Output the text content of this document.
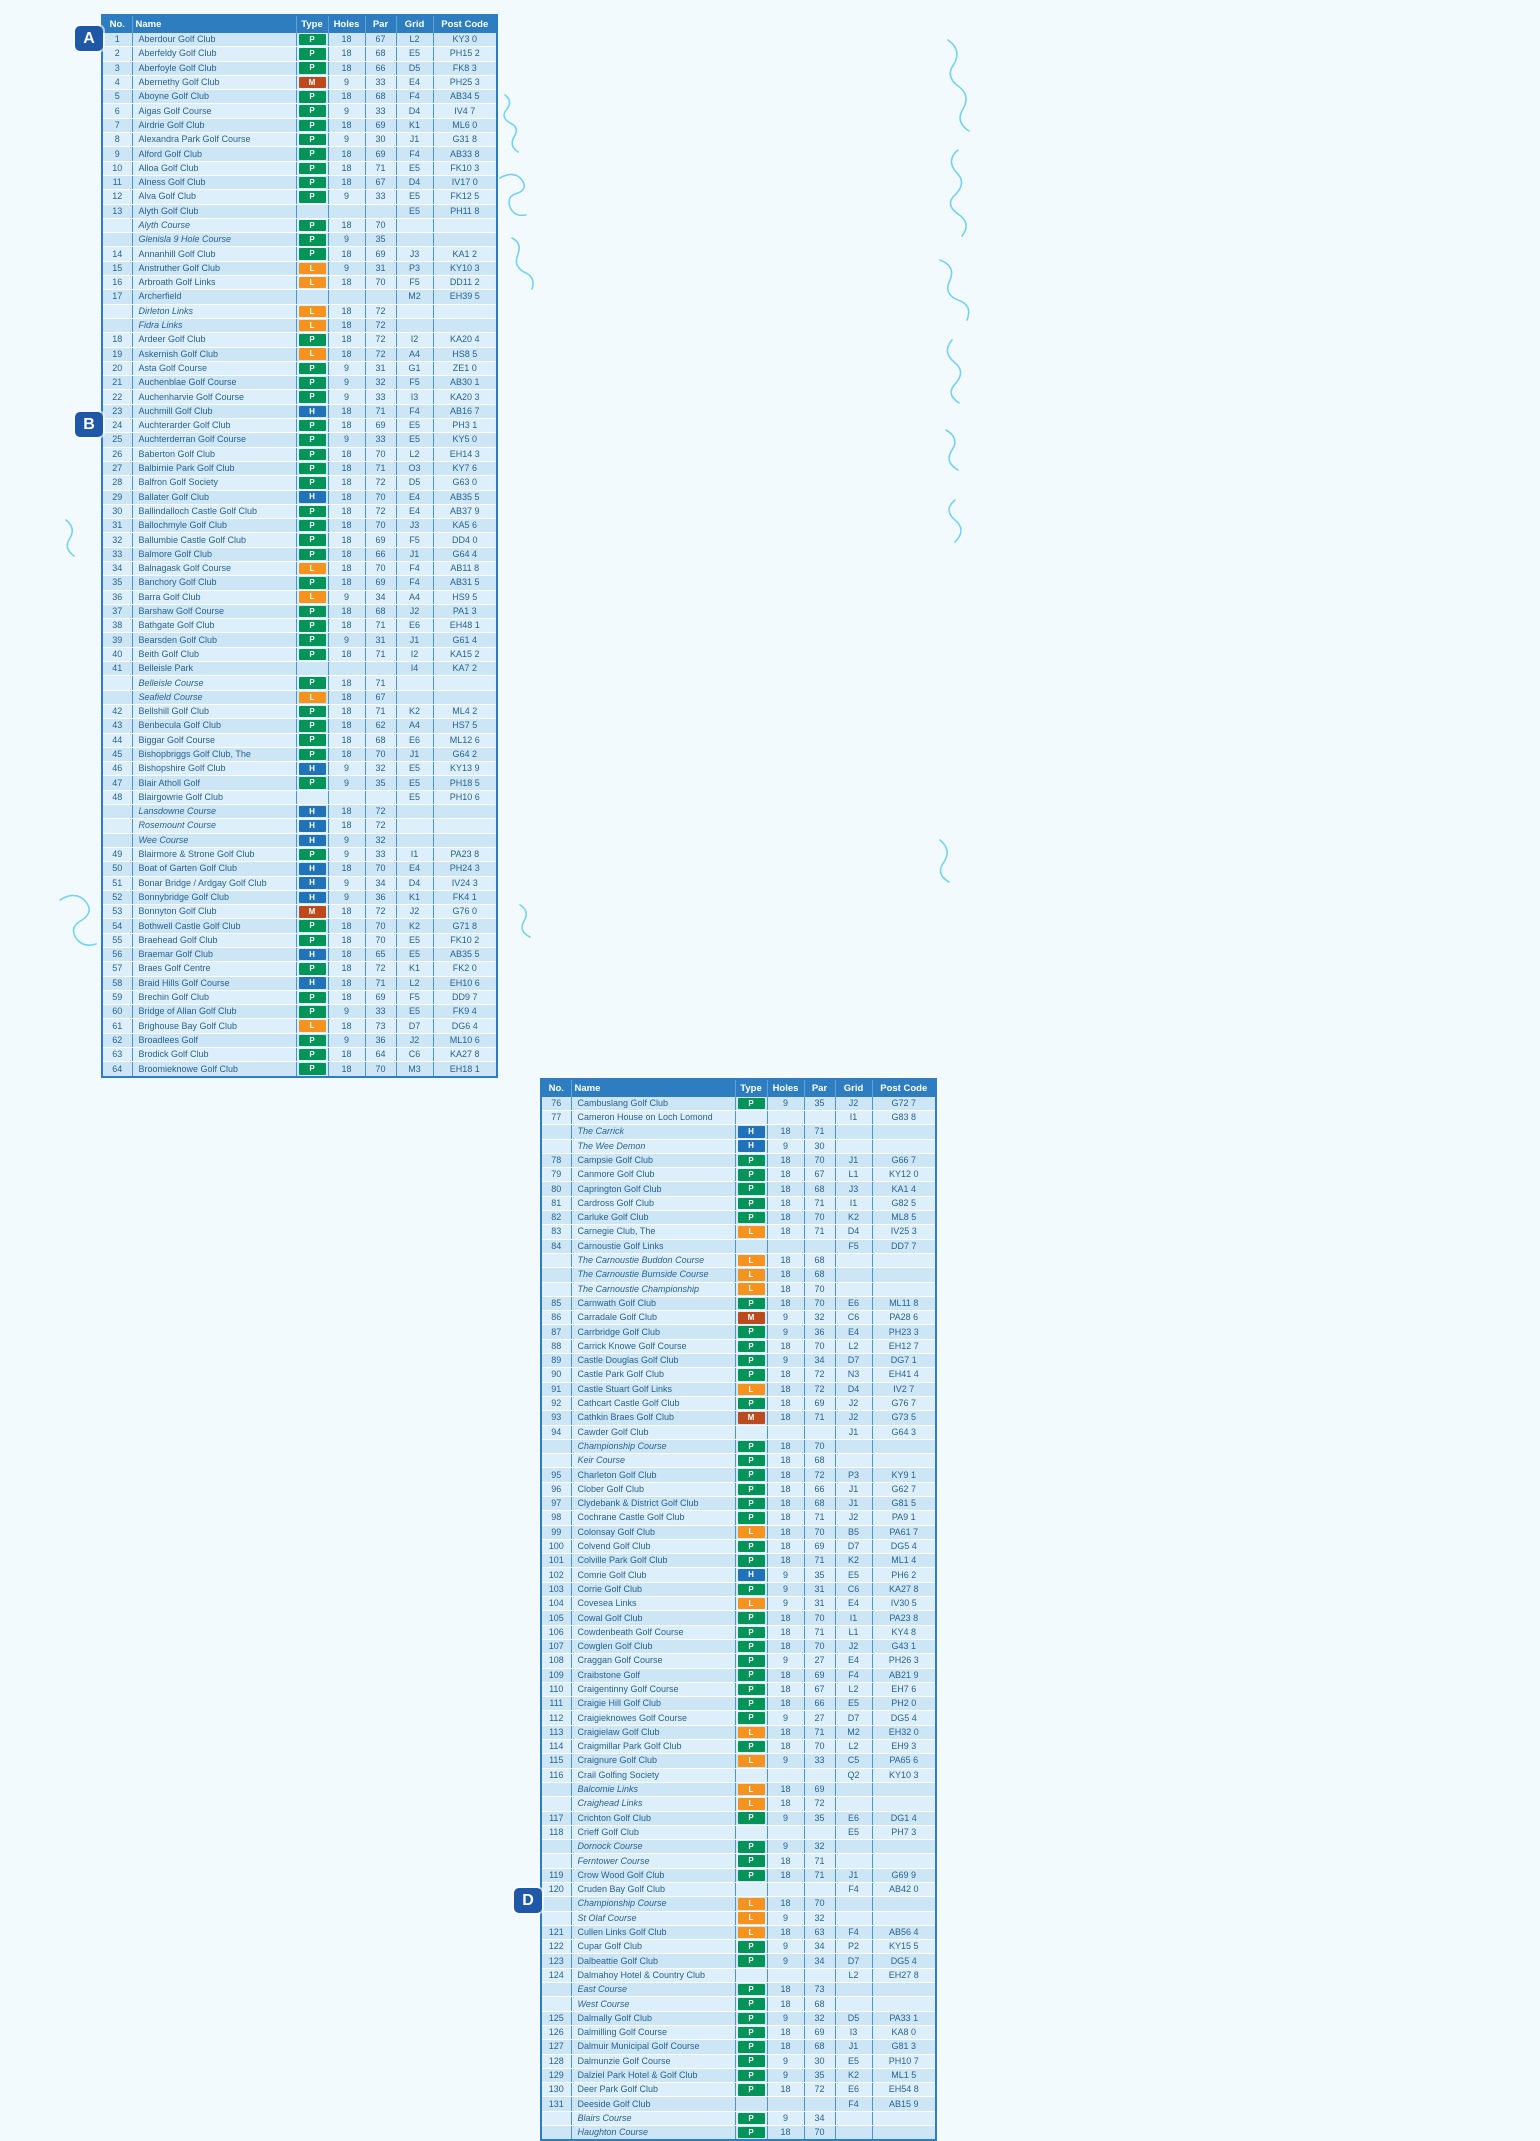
No.	Name	Type	Holes	Par	Grid	Post Code
1	Aberdour Golf Club	P	18	67	L2	KY3 0
2	Aberfeldy Golf Club	P	18	68	E5	PH15 2
3	Aberfoyle Golf Club	P	18	66	D5	FK8 3
4	Abernethy Golf Club	M	9	33	E4	PH25 3
5	Aboyne Golf Club	P	18	68	F4	AB34 5
6	Aigas Golf Course	P	9	33	D4	IV4 7
7	Airdrie Golf Club	P	18	69	K1	ML6 0
8	Alexandra Park Golf Course	P	9	30	J1	G31 8
9	Alford Golf Club	P	18	69	F4	AB33 8
10	Alloa Golf Club	P	18	71	E5	FK10 3
11	Alness Golf Club	P	18	67	D4	IV17 0
12	Alva Golf Club	P	9	33	E5	FK12 5
13	Alyth Golf Club				E5	PH11 8
	Alyth Course	P	18	70		
	Glenisla 9 Hole Course	P	9	35		
14	Annanhill Golf Club	P	18	69	J3	KA1 2
15	Anstruther Golf Club	L	9	31	P3	KY10 3
16	Arbroath Golf Links	L	18	70	F5	DD11 2
17	Archerfield				M2	EH39 5
	Dirleton Links	L	18	72		
	Fidra Links	L	18	72		
18	Ardeer Golf Club	P	18	72	I2	KA20 4
19	Askernish Golf Club	L	18	72	A4	HS8 5
20	Asta Golf Course	P	9	31	G1	ZE1 0
21	Auchenblae Golf Course	P	9	32	F5	AB30 1
22	Auchenharvie Golf Course	P	9	33	I3	KA20 3
23	Auchmill Golf Club	H	18	71	F4	AB16 7
24	Auchterarder Golf Club	P	18	69	E5	PH3 1
25	Auchterderran Golf Course	P	9	33	E5	KY5 0
26	Baberton Golf Club	P	18	70	L2	EH14 3
27	Balbirnie Park Golf Club	P	18	71	O3	KY7 6
28	Balfron Golf Society	P	18	72	D5	G63 0
29	Ballater Golf Club	H	18	70	E4	AB35 5
30	Ballindalloch Castle Golf Club	P	18	72	E4	AB37 9
31	Ballochmyle Golf Club	P	18	70	J3	KA5 6
32	Ballumbie Castle Golf Club	P	18	69	F5	DD4 0
33	Balmore Golf Club	P	18	66	J1	G64 4
34	Balnagask Golf Course	L	18	70	F4	AB11 8
35	Banchory Golf Club	P	18	69	F4	AB31 5
36	Barra Golf Club	L	9	34	A4	HS9 5
37	Barshaw Golf Course	P	18	68	J2	PA1 3
38	Bathgate Golf Club	P	18	71	E6	EH48 1
39	Bearsden Golf Club	P	9	31	J1	G61 4
40	Beith Golf Club	P	18	71	I2	KA15 2
41	Belleisle Park				I4	KA7 2
	Belleisle Course	P	18	71		
	Seafield Course	L	18	67		
42	Bellshill Golf Club	P	18	71	K2	ML4 2
43	Benbecula Golf Club	P	18	62	A4	HS7 5
44	Biggar Golf Course	P	18	68	E6	ML12 6
45	Bishopbriggs Golf Club, The	P	18	70	J1	G64 2
46	Bishopshire Golf Club	H	9	32	E5	KY13 9
47	Blair Atholl Golf	P	9	35	E5	PH18 5
48	Blairgowrie Golf Club				E5	PH10 6
	Lansdowne Course	H	18	72		
	Rosemount Course	H	18	72		
	Wee Course	H	9	32		
49	Blairmore & Strone Golf Club	P	9	33	I1	PA23 8
50	Boat of Garten Golf Club	H	18	70	E4	PH24 3
51	Bonar Bridge / Ardgay Golf Club	H	9	34	D4	IV24 3
52	Bonnybridge Golf Club	H	9	36	K1	FK4 1
53	Bonnyton Golf Club	M	18	72	J2	G76 0
54	Bothwell Castle Golf Club	P	18	70	K2	G71 8
55	Braehead Golf Club	P	18	70	E5	FK10 2
56	Braemar Golf Club	H	18	65	E5	AB35 5
57	Braes Golf Centre	P	18	72	K1	FK2 0
58	Braid Hills Golf Course	H	18	71	L2	EH10 6
59	Brechin Golf Club	P	18	69	F5	DD9 7
60	Bridge of Allan Golf Club	P	9	33	E5	FK9 4
61	Brighouse Bay Golf Club	L	18	73	D7	DG6 4
62	Broadlees Golf	P	9	36	J2	ML10 6
63	Brodick Golf Club	P	18	64	C6	KA27 8
64	Broomieknowe Golf Club	P	18	70	M3	EH18 1
A
B
No.	Name	Type	Holes	Par	Grid	Post Code
76	Cambuslang Golf Club	P	9	35	J2	G72 7
77	Cameron House on Loch Lomond				I1	G83 8
	The Carrick	H	18	71		
	The Wee Demon	H	9	30		
78	Campsie Golf Club	P	18	70	J1	G66 7
79	Canmore Golf Club	P	18	67	L1	KY12 0
80	Caprington Golf Club	P	18	68	J3	KA1 4
81	Cardross Golf Club	P	18	71	I1	G82 5
82	Carluke Golf Club	P	18	70	K2	ML8 5
83	Carnegie Club, The	L	18	71	D4	IV25 3
84	Carnoustie Golf Links				F5	DD7 7
	The Carnoustie Buddon Course	L	18	68		
	The Carnoustie Burnside Course	L	18	68		
	The Carnoustie Championship	L	18	70		
85	Carnwath Golf Club	P	18	70	E6	ML11 8
86	Carradale Golf Club	M	9	32	C6	PA28 6
87	Carrbridge Golf Club	P	9	36	E4	PH23 3
88	Carrick Knowe Golf Course	P	18	70	L2	EH12 7
89	Castle Douglas Golf Club	P	9	34	D7	DG7 1
90	Castle Park Golf Club	P	18	72	N3	EH41 4
91	Castle Stuart Golf Links	L	18	72	D4	IV2 7
92	Cathcart Castle Golf Club	P	18	69	J2	G76 7
93	Cathkin Braes Golf Club	M	18	71	J2	G73 5
94	Cawder Golf Club				J1	G64 3
	Championship Course	P	18	70		
	Keir Course	P	18	68		
95	Charleton Golf Club	P	18	72	P3	KY9 1
96	Clober Golf Club	P	18	66	J1	G62 7
97	Clydebank & District Golf Club	P	18	68	J1	G81 5
98	Cochrane Castle Golf Club	P	18	71	J2	PA9 1
99	Colonsay Golf Club	L	18	70	B5	PA61 7
100	Colvend Golf Club	P	18	69	D7	DG5 4
101	Colville Park Golf Club	P	18	71	K2	ML1 4
102	Comrie Golf Club	H	9	35	E5	PH6 2
103	Corrie Golf Club	P	9	31	C6	KA27 8
104	Covesea Links	L	9	31	E4	IV30 5
105	Cowal Golf Club	P	18	70	I1	PA23 8
106	Cowdenbeath Golf Course	P	18	71	L1	KY4 8
107	Cowglen Golf Club	P	18	70	J2	G43 1
108	Craggan Golf Course	P	9	27	E4	PH26 3
109	Craibstone Golf	P	18	69	F4	AB21 9
110	Craigentinny Golf Course	P	18	67	L2	EH7 6
111	Craigie Hill Golf Club	P	18	66	E5	PH2 0
112	Craigieknowes Golf Course	P	9	27	D7	DG5 4
113	Craigielaw Golf Club	L	18	71	M2	EH32 0
114	Craigmillar Park Golf Club	P	18	70	L2	EH9 3
115	Craignure Golf Club	L	9	33	C5	PA65 6
116	Crail Golfing Society				Q2	KY10 3
	Balcomie Links	L	18	69		
	Craighead Links	L	18	72		
117	Crichton Golf Club	P	9	35	E6	DG1 4
118	Crieff Golf Club				E5	PH7 3
	Dornock Course	P	9	32		
	Ferntower Course	P	18	71		
119	Crow Wood Golf Club	P	18	71	J1	G69 9
120	Cruden Bay Golf Club				F4	AB42 0
	Championship Course	L	18	70		
	St Olaf Course	L	9	32		
121	Cullen Links Golf Club	L	18	63	F4	AB56 4
122	Cupar Golf Club	P	9	34	P2	KY15 5
123	Dalbeattie Golf Club	P	9	34	D7	DG5 4
124	Dalmahoy Hotel & Country Club				L2	EH27 8
	East Course	P	18	73		
	West Course	P	18	68		
125	Dalmally Golf Club	P	9	32	D5	PA33 1
126	Dalmilling Golf Course	P	18	69	I3	KA8 0
127	Dalmuir Municipal Golf Course	P	18	68	J1	G81 3
128	Dalmunzie Golf Course	P	9	30	E5	PH10 7
129	Dalziel Park Hotel & Golf Club	P	9	35	K2	ML1 5
130	Deer Park Golf Club	P	18	72	E6	EH54 8
131	Deeside Golf Club				F4	AB15 9
	Blairs Course	P	9	34		
	Haughton Course	P	18	70		
D
